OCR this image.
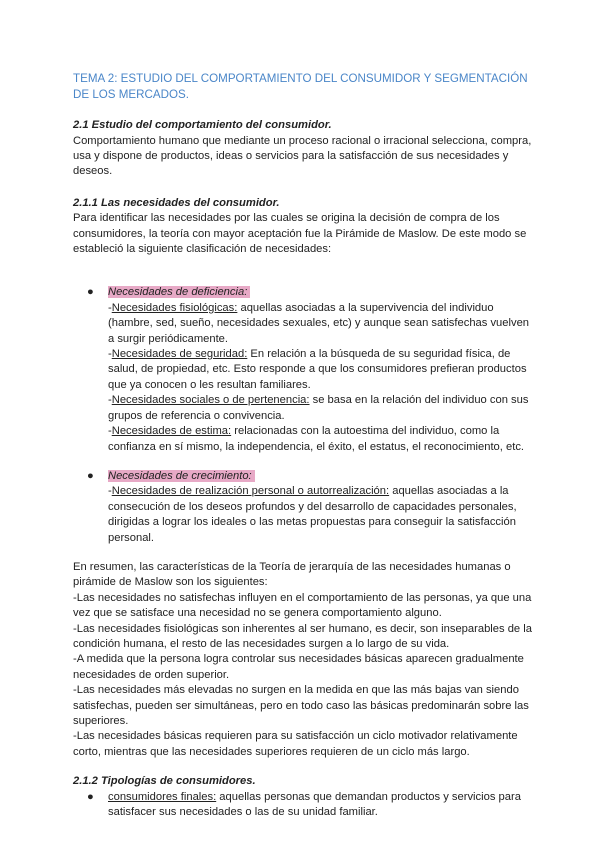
TEMA 2: ESTUDIO DEL COMPORTAMIENTO DEL CONSUMIDOR Y SEGMENTACIÓN DE LOS MERCADOS.

2.1 Estudio del comportamiento del consumidor.

Comportamiento humano que mediante un proceso racional o irracional selecciona, compra, usa y dispone de productos, ideas o servicios para la satisfacción de sus necesidades y deseos.

2.1.1 Las necesidades del consumidor.

Para identificar las necesidades por las cuales se origina la decisión de compra de los consumidores, la teoría con mayor aceptación fue la Pirámide de Maslow. De este modo se estableció la siguiente clasificación de necesidades:

● Necesidades de deficiencia:

-Necesidades fisiológicas: aquellas asociadas a la supervivencia del individuo (hambre, sed, sueño, necesidades sexuales, etc) y aunque sean satisfechas vuelven a surgir periódicamente.

-Necesidades de seguridad: En relación a la búsqueda de su seguridad física, de salud, de propiedad, etc. Esto responde a que los consumidores prefieran productos que ya conocen o les resultan familiares.

-Necesidades sociales o de pertenencia: se basa en la relación del individuo con sus grupos de referencia o convivencia.

-Necesidades de estima: relacionadas con la autoestima del individuo, como la confianza en sí mismo, la independencia, el éxito, el estatus, el reconocimiento, etc.

● Necesidades de crecimiento:

-Necesidades de realización personal o autorrealización: aquellas asociadas a la consecución de los deseos profundos y del desarrollo de capacidades personales, dirigidas a lograr los ideales o las metas propuestas para conseguir la satisfacción personal.

En resumen, las características de la Teoría de jerarquía de las necesidades humanas o pirámide de Maslow son los siguientes:

-Las necesidades no satisfechas influyen en el comportamiento de las personas, ya que una vez que se satisface una necesidad no se genera comportamiento alguno.

-Las necesidades fisiológicas son inherentes al ser humano, es decir, son inseparables de la condición humana, el resto de las necesidades surgen a lo largo de su vida.

-A medida que la persona logra controlar sus necesidades básicas aparecen gradualmente necesidades de orden superior.

-Las necesidades más elevadas no surgen en la medida en que las más bajas van siendo satisfechas, pueden ser simultáneas, pero en todo caso las básicas predominarán sobre las superiores.

-Las necesidades básicas requieren para su satisfacción un ciclo motivador relativamente corto, mientras que las necesidades superiores requieren de un ciclo más largo.

2.1.2 Tipologías de consumidores.

● consumidores finales: aquellas personas que demandan productos y servicios para satisfacer sus necesidades o las de su unidad familiar.
